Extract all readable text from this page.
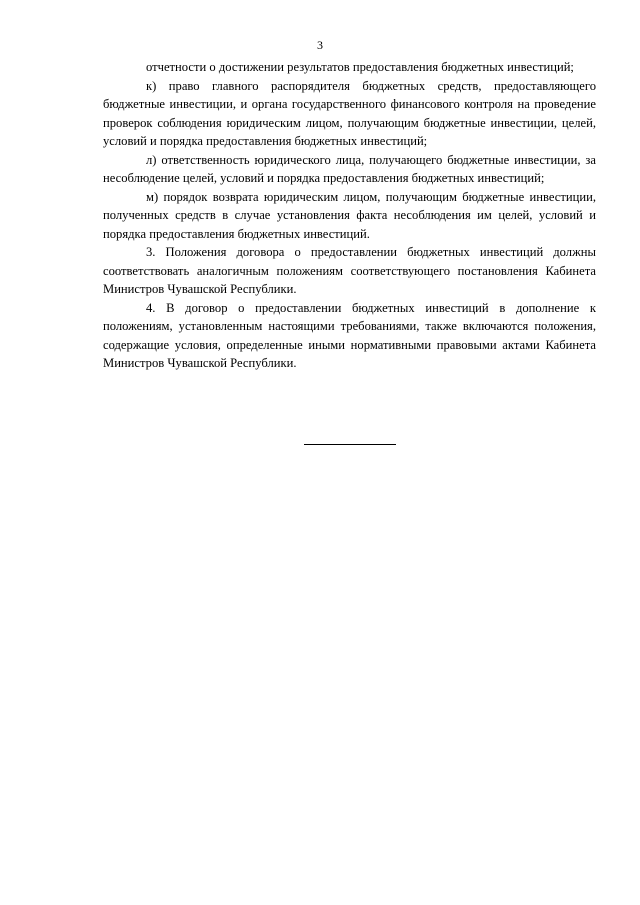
3

отчетности о достижении результатов предоставления бюджетных инвестиций;

к) право главного распорядителя бюджетных средств, предоставляющего бюджетные инвестиции, и органа государственного финансового контроля на проведение проверок соблюдения юридическим лицом, получающим бюджетные инвестиции, целей, условий и порядка предоставления бюджетных инвестиций;

л) ответственность юридического лица, получающего бюджетные инвестиции, за несоблюдение целей, условий и порядка предоставления бюджетных инвестиций;

м) порядок возврата юридическим лицом, получающим бюджетные инвестиции, полученных средств в случае установления факта несоблюдения им целей, условий и порядка предоставления бюджетных инвестиций.

3. Положения договора о предоставлении бюджетных инвестиций должны соответствовать аналогичным положениям соответствующего постановления Кабинета Министров Чувашской Республики.

4. В договор о предоставлении бюджетных инвестиций в дополнение к положениям, установленным настоящими требованиями, также включаются положения, содержащие условия, определенные иными нормативными правовыми актами Кабинета Министров Чувашской Республики.
